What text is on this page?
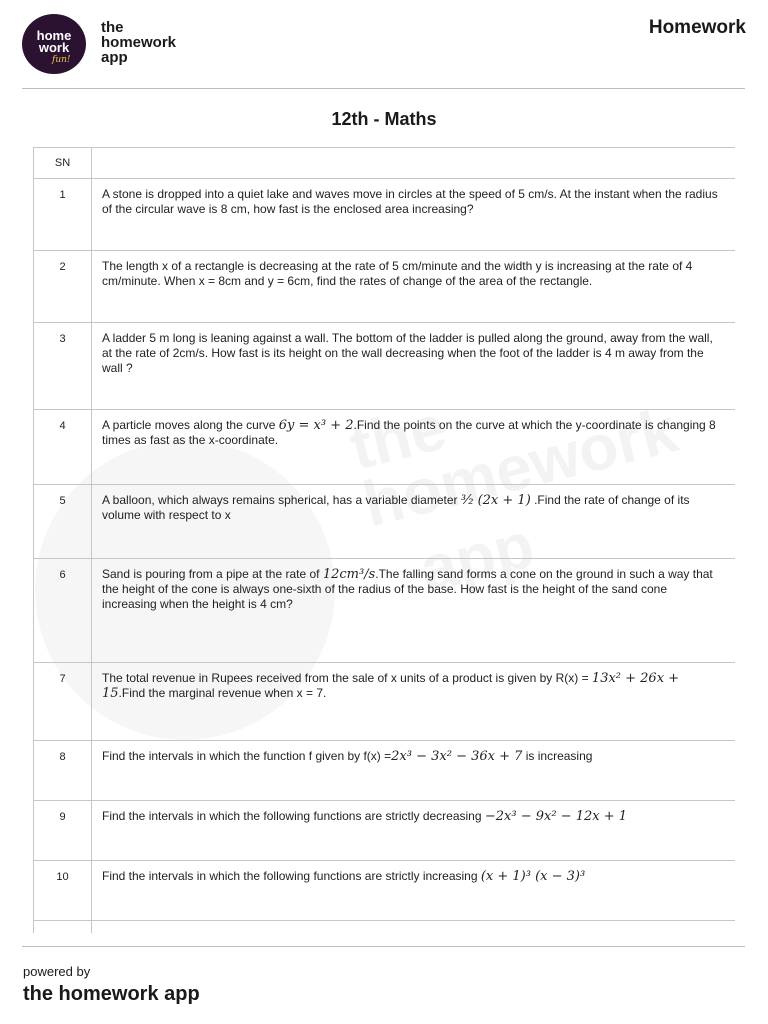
home
work
fun!
the
homework
app
Homework
12th - Maths
SN	
1	A stone is dropped into a quiet lake and waves move in circles at the speed of 5 cm/s. At the instant when the radius of the circular wave is 8 cm, how fast is the enclosed area increasing?
2	The length x of a rectangle is decreasing at the rate of 5 cm/minute and the width y is increasing at the rate of 4 cm/minute. When x = 8cm and y = 6cm, find the rates of change of the area of the rectangle.
3	A ladder 5 m long is leaning against a wall. The bottom of the ladder is pulled along the ground, away from the wall, at the rate of 2cm/s. How fast is its height on the wall decreasing when the foot of the ladder is 4 m away from the wall ?
4	A particle moves along the curve 6y = x³ + 2.Find the points on the curve at which the y-coordinate is changing 8 times as fast as the x-coordinate.
5	A balloon, which always remains spherical, has a variable diameter ³⁄₂ (2x + 1) .Find the rate of change of its volume with respect to x
6	Sand is pouring from a pipe at the rate of 12cm³/s.The falling sand forms a cone on the ground in such a way that the height of the cone is always one-sixth of the radius of the base. How fast is the height of the sand cone increasing when the height is 4 cm?
7	The total revenue in Rupees received from the sale of x units of a product is given by R(x) = 13x² + 26x + 15.Find the marginal revenue when x = 7.
8	Find the intervals in which the function f given by f(x) =2x³ − 3x² − 36x + 7 is increasing
9	Find the intervals in which the following functions are strictly decreasing −2x³ − 9x² − 12x + 1
10	Find the intervals in which the following functions are strictly increasing (x + 1)³ (x − 3)³

powered by
the homework app
